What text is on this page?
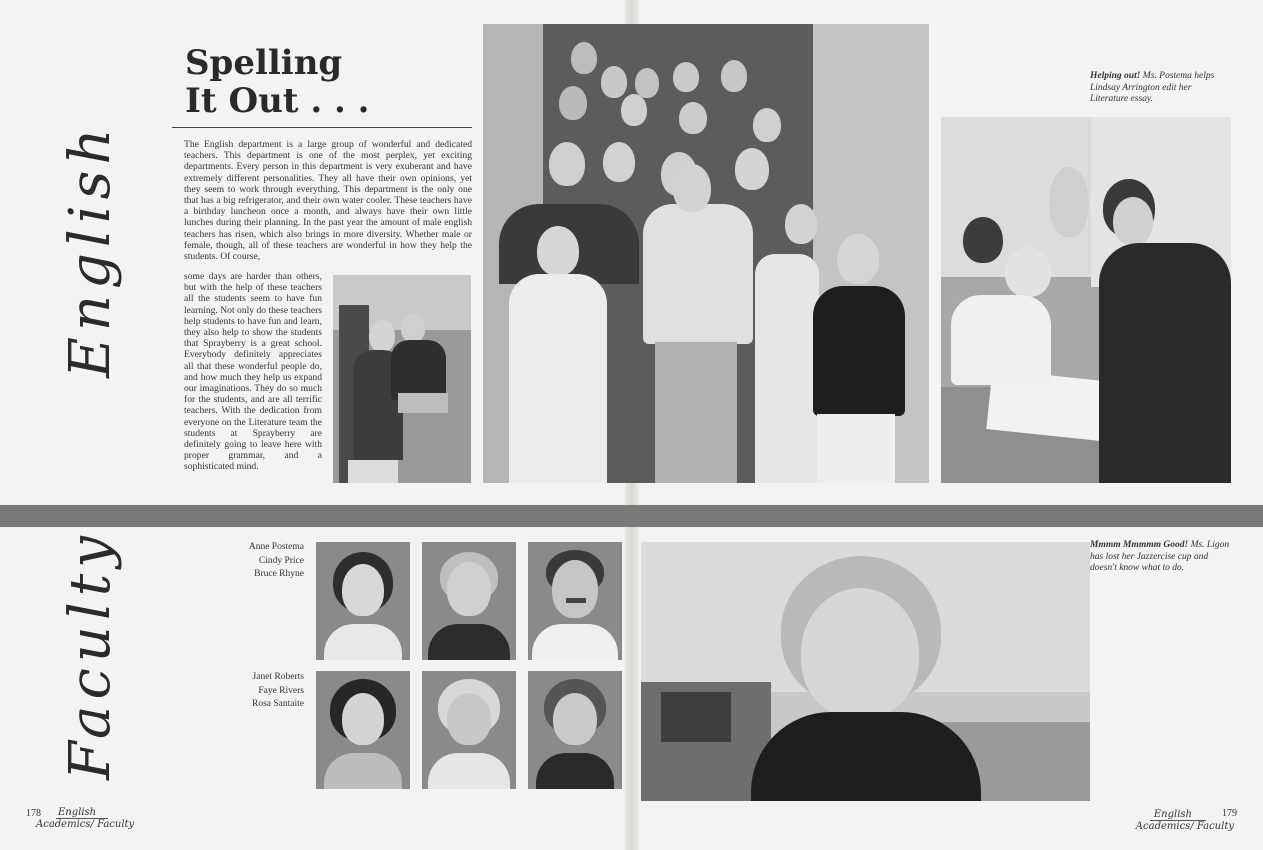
English
Spelling
It Out . . .
The English department is a large group of wonderful and dedicated teachers. This department is one of the most perplex, yet exciting departments. Every person in this department is very exuberant and have extremely different personalities. They all have their own opinions, yet they seem to work through everything. This department is the only one that has a big refrigerator, and their own water cooler. These teachers have a birthday luncheon once a month, and always have their own little lunches during their planning. In the past year the amount of male english teachers has risen, which also brings in more diversity. Whether male or female, though, all of these teachers are wonderful in how they help the students. Of course,
some days are harder than others, but with the help of these teachers all the students seem to have fun learning. Not only do these teachers help students to have fun and learn, they also help to show the students that Sprayberry is a great school. Everybody definitely appreciates all that these wonderful people do, and how much they help us expand our imaginations. They do so much for the students, and are all terrific teachers. With the dedication from everyone on the Literature team the students at Sprayberry are definitely going to leave here with proper grammar, and a sophisticated mind.
Faculty	Anne Postema
Cindy Price
Bruce Rhyne
Janet Roberts
Faye Rivers
Rosa Santaite
178 English
Academics/ Faculty
Helping out! Ms. Postema helps Lindsay Arrington edit her Literature essay.
Mmmm Mmmmm Good! Ms. Ligon has lost her Jazzercise cup and doesn't know what to do.
English
Academics/ Faculty
179
